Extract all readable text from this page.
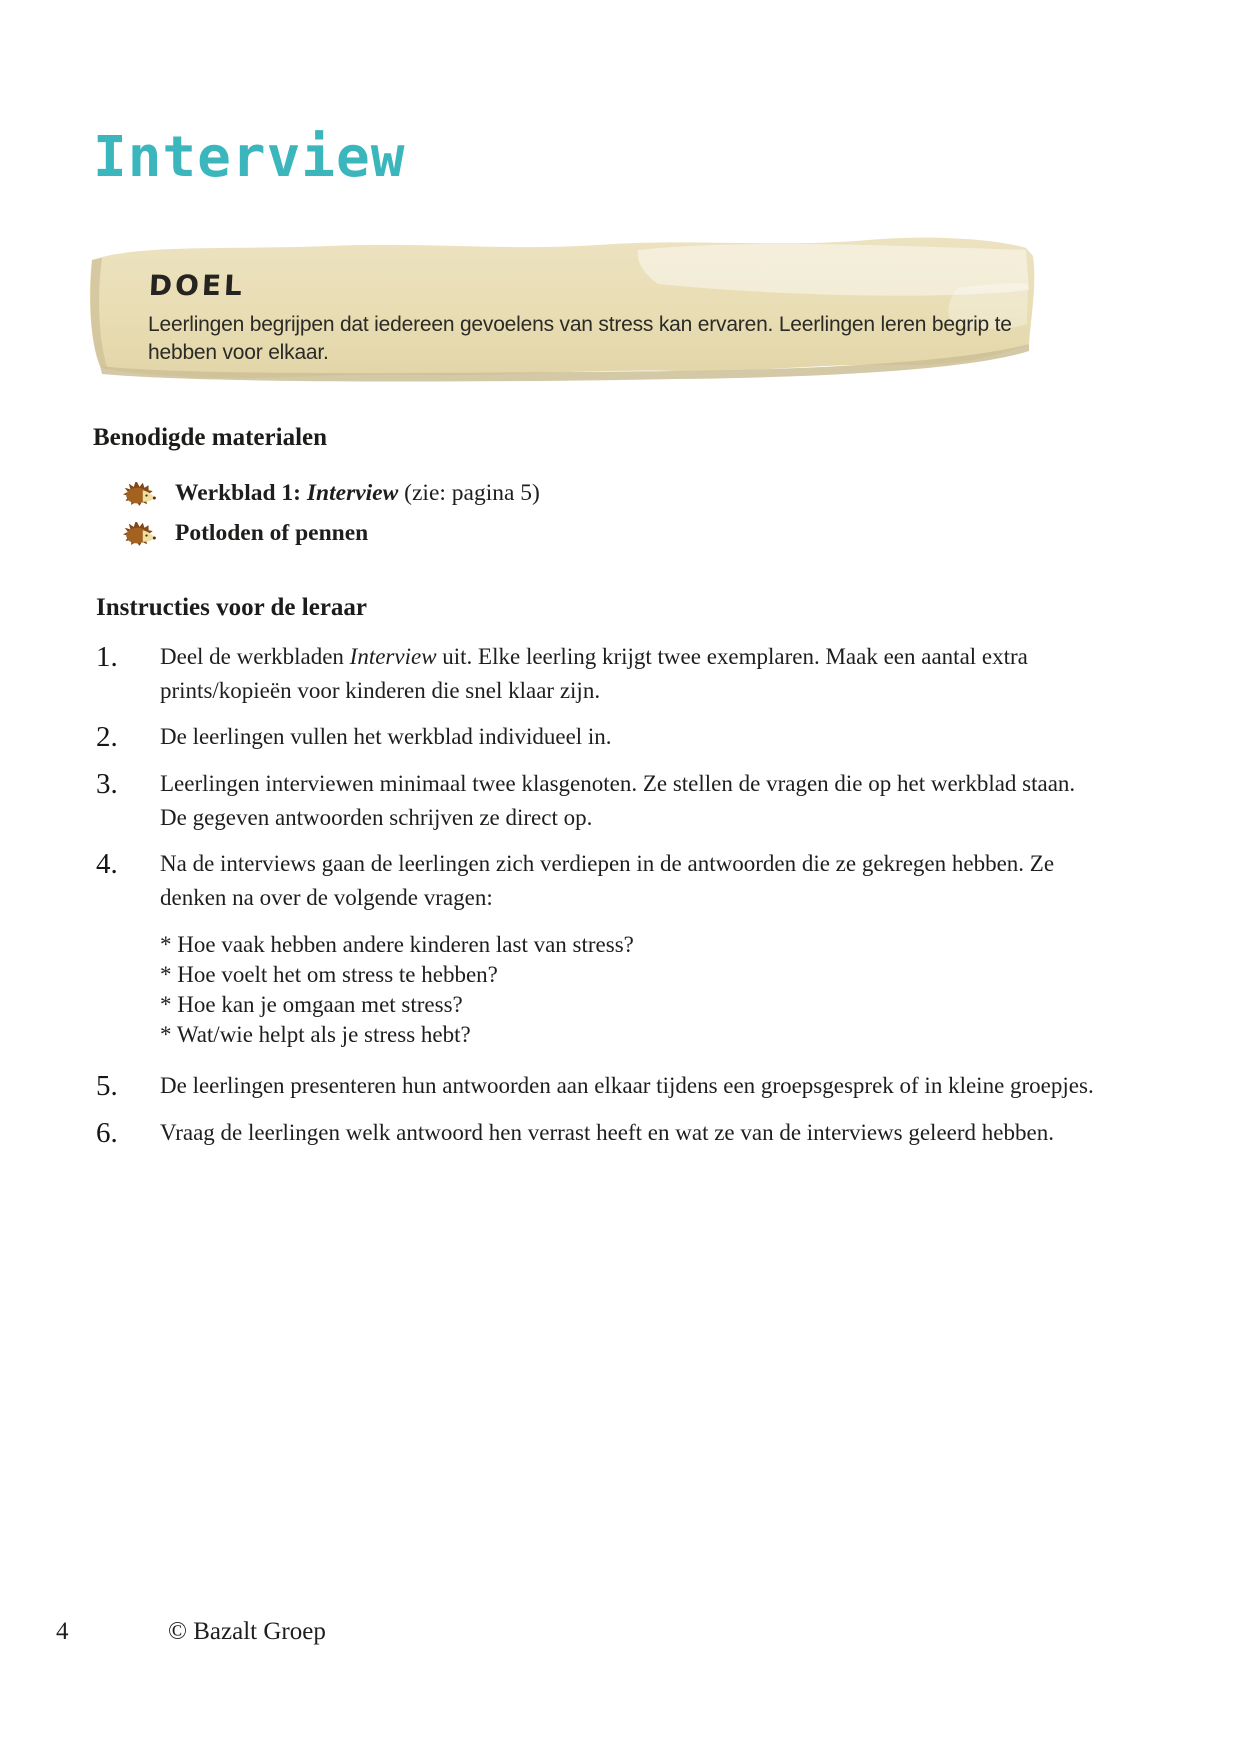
Interview
DOEL

Leerlingen begrijpen dat iedereen gevoelens van stress kan ervaren. Leerlingen leren begrip te hebben voor elkaar.

Benodigde materialen
Werkblad 1: Interview (zie: pagina 5)
Potloden of pennen
Instructies voor de leraar
1.	Deel de werkbladen Interview uit. Elke leerling krijgt twee exemplaren. Maak een aantal extra prints/kopieën voor kinderen die snel klaar zijn.
2.	De leerlingen vullen het werkblad individueel in.
3.	Leerlingen interviewen minimaal twee klasgenoten. Ze stellen de vragen die op het werkblad staan. De gegeven antwoorden schrijven ze direct op.
4.	Na de interviews gaan de leerlingen zich verdiepen in de antwoorden die ze gekregen hebben. Ze denken na over de volgende vragen:
* Hoe vaak hebben andere kinderen last van stress?
* Hoe voelt het om stress te hebben?
* Hoe kan je omgaan met stress?
* Wat/wie helpt als je stress hebt?
5.	De leerlingen presenteren hun antwoorden aan elkaar tijdens een groepsgesprek of in kleine groepjes.
6.	Vraag de leerlingen welk antwoord hen verrast heeft en wat ze van de interviews geleerd hebben.
4	© Bazalt Groep
